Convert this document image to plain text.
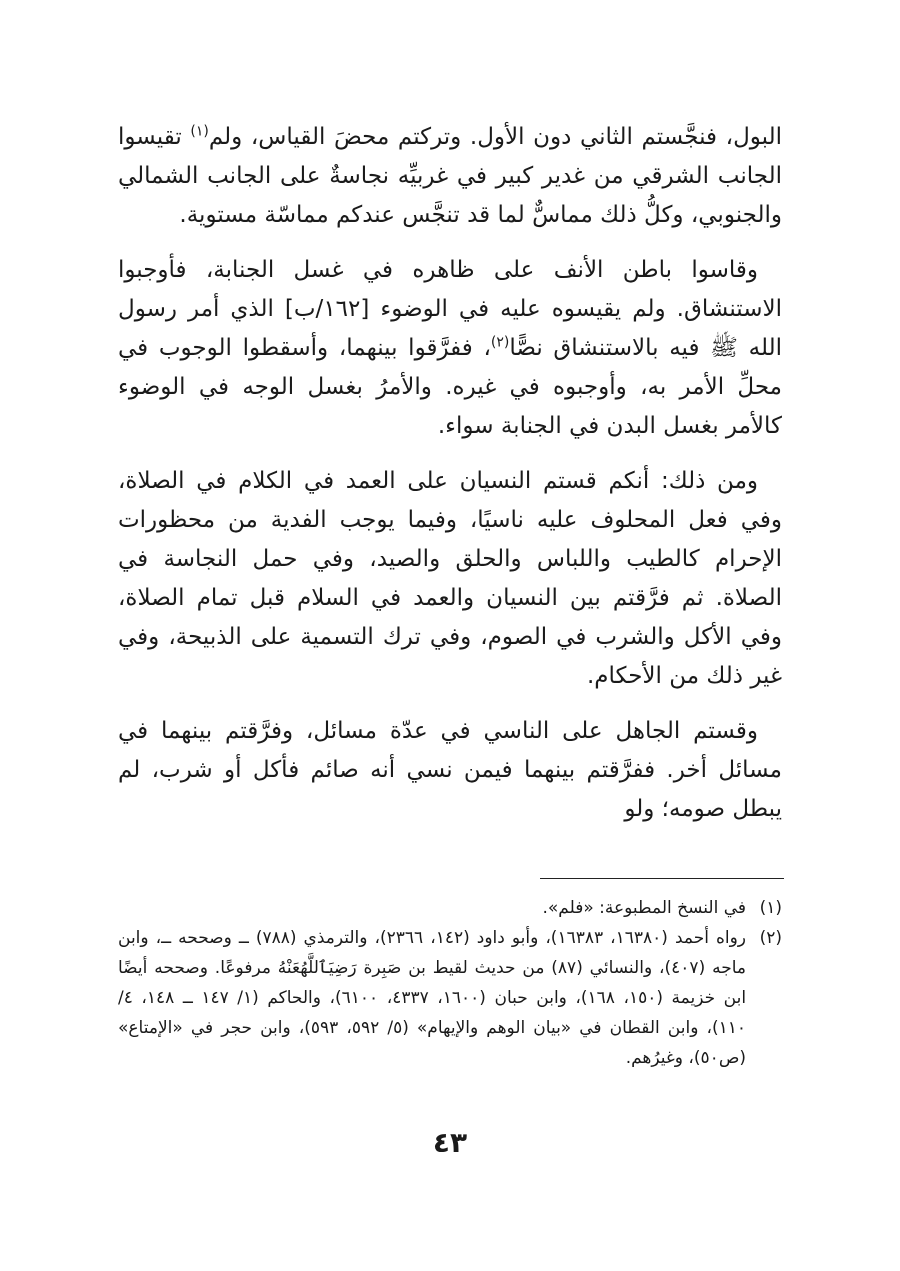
البول، فنجَّستم الثاني دون الأول. وتركتم محضَ القياس، ولم$^{(١)}$ تقيسوا الجانب الشرقي من غدير كبير في غربيِّه نجاسةٌ على الجانب الشمالي والجنوبي، وكلُّ ذلك مماسٌّ لما قد تنجَّس عندكم مماسّة مستوية.

وقاسوا باطن الأنف على ظاهره في غسل الجنابة، فأوجبوا الاستنشاق. ولم يقيسوه عليه في الوضوء [١٦٢/ب] الذي أمر رسول الله ﷺ فيه بالاستنشاق نصًّا$^{(٢)}$، ففرَّقوا بينهما، وأسقطوا الوجوب في محلِّ الأمر به، وأوجبوه في غيره. والأمرُ بغسل الوجه في الوضوء كالأمر بغسل البدن في الجنابة سواء.

ومن ذلك: أنكم قستم النسيان على العمد في الكلام في الصلاة، وفي فعل المحلوف عليه ناسيًا، وفيما يوجب الفدية من محظورات الإحرام كالطيب واللباس والحلق والصيد، وفي حمل النجاسة في الصلاة. ثم فرَّقتم بين النسيان والعمد في السلام قبل تمام الصلاة، وفي الأكل والشرب في الصوم، وفي ترك التسمية على الذبيحة، وفي غير ذلك من الأحكام.

وقستم الجاهل على الناسي في عدّة مسائل، وفرَّقتم بينهما في مسائل أخر. ففرَّقتم بينهما فيمن نسي أنه صائم فأكل أو شرب، لم يبطل صومه؛ ولو

(١)
في النسخ المطبوعة: «فلم».
(٢)
رواه أحمد (١٦٣٨٠، ١٦٣٨٣)، وأبو داود (١٤٢، ٢٣٦٦)، والترمذي (٧٨٨) ــ وصححه ــ، وابن ماجه (٤٠٧)، والنسائي (٨٧) من حديث لقيط بن صَبِرة رَضِيَٱللَّهُعَنْهُ مرفوعًا. وصححه أيضًا ابن خزيمة (١٥٠، ١٦٨)، وابن حبان (١٦٠٠، ٤٣٣٧، ٦١٠٠)، والحاكم (١/ ١٤٧ ــ ١٤٨، ٤/ ١١٠)، وابن القطان في «بيان الوهم والإيهام» (٥/ ٥٩٢، ٥٩٣)، وابن حجر في «الإمتاع» (ص٥٠)، وغيرُهم.
٤٣
